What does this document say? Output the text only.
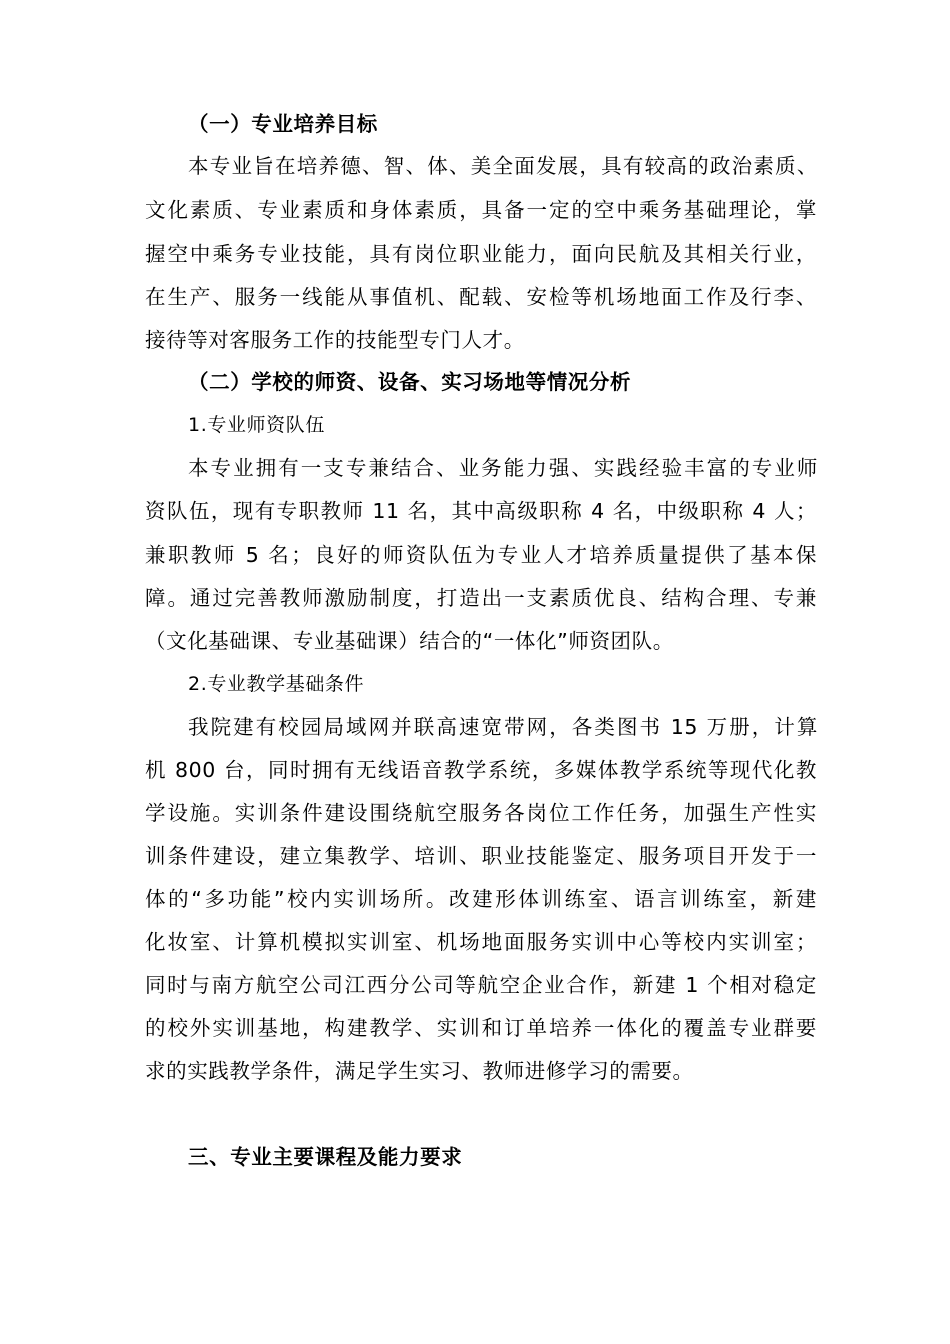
（一）专业培养目标
本专业旨在培养德、智、体、美全面发展，具有较高的政治素质、
文化素质、专业素质和身体素质，具备一定的空中乘务基础理论，掌
握空中乘务专业技能，具有岗位职业能力，面向民航及其相关行业，
在生产、服务一线能从事值机、配载、安检等机场地面工作及行李、
接待等对客服务工作的技能型专门人才。
（二）学校的师资、设备、实习场地等情况分析
1.专业师资队伍
本专业拥有一支专兼结合、业务能力强、实践经验丰富的专业师
资队伍，现有专职教师 11 名，其中高级职称 4 名，中级职称 4 人；
兼职教师 5 名；良好的师资队伍为专业人才培养质量提供了基本保
障。通过完善教师激励制度，打造出一支素质优良、结构合理、专兼
（文化基础课、专业基础课）结合的“一体化”师资团队。
2.专业教学基础条件
我院建有校园局域网并联高速宽带网，各类图书 15 万册，计算
机 800 台，同时拥有无线语音教学系统，多媒体教学系统等现代化教
学设施。实训条件建设围绕航空服务各岗位工作任务，加强生产性实
训条件建设，建立集教学、培训、职业技能鉴定、服务项目开发于一
体的“多功能”校内实训场所。改建形体训练室、语言训练室，新建
化妆室、计算机模拟实训室、机场地面服务实训中心等校内实训室；
同时与南方航空公司江西分公司等航空企业合作，新建 1 个相对稳定
的校外实训基地，构建教学、实训和订单培养一体化的覆盖专业群要
求的实践教学条件，满足学生实习、教师进修学习的需要。
三、专业主要课程及能力要求
